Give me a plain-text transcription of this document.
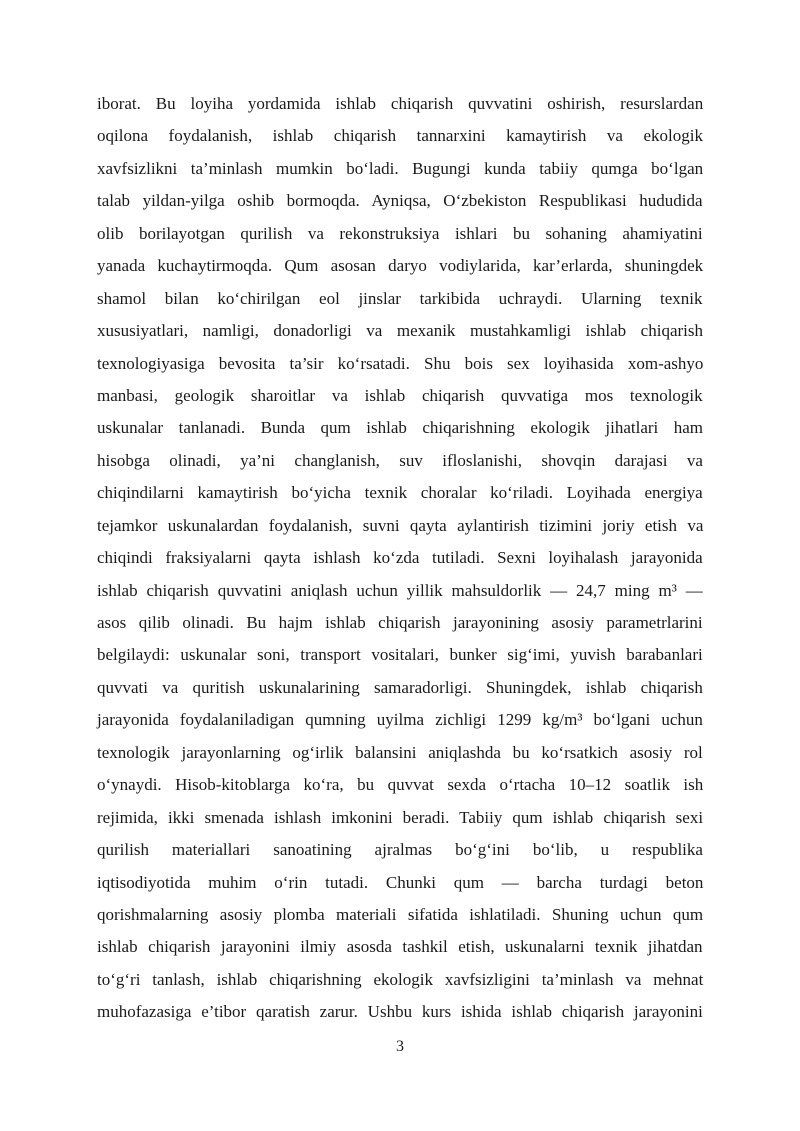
iborat. Bu loyiha yordamida ishlab chiqarish quvvatini oshirish, resurslardan
oqilona foydalanish, ishlab chiqarish tannarxini kamaytirish va ekologik
xavfsizlikni ta’minlash mumkin bo‘ladi. Bugungi kunda tabiiy qumga bo‘lgan
talab yildan-yilga oshib bormoqda. Ayniqsa, O‘zbekiston Respublikasi hududida
olib borilayotgan qurilish va rekonstruksiya ishlari bu sohaning ahamiyatini
yanada kuchaytirmoqda. Qum asosan daryo vodiylarida, kar’erlarda, shuningdek
shamol bilan ko‘chirilgan eol jinslar tarkibida uchraydi. Ularning texnik
xususiyatlari, namligi, donadorligi va mexanik mustahkamligi ishlab chiqarish
texnologiyasiga bevosita ta’sir ko‘rsatadi. Shu bois sex loyihasida xom-ashyo
manbasi, geologik sharoitlar va ishlab chiqarish quvvatiga mos texnologik
uskunalar tanlanadi. Bunda qum ishlab chiqarishning ekologik jihatlari ham
hisobga olinadi, ya’ni changlanish, suv ifloslanishi, shovqin darajasi va
chiqindilarni kamaytirish bo‘yicha texnik choralar ko‘riladi. Loyihada energiya
tejamkor uskunalardan foydalanish, suvni qayta aylantirish tizimini joriy etish va
chiqindi fraksiyalarni qayta ishlash ko‘zda tutiladi. Sexni loyihalash jarayonida
ishlab chiqarish quvvatini aniqlash uchun yillik mahsuldorlik — 24,7 ming m³ —
asos qilib olinadi. Bu hajm ishlab chiqarish jarayonining asosiy parametrlarini
belgilaydi: uskunalar soni, transport vositalari, bunker sig‘imi, yuvish barabanlari
quvvati va quritish uskunalarining samaradorligi. Shuningdek, ishlab chiqarish
jarayonida foydalaniladigan qumning uyilma zichligi 1299 kg/m³ bo‘lgani uchun
texnologik jarayonlarning og‘irlik balansini aniqlashda bu ko‘rsatkich asosiy rol
o‘ynaydi. Hisob-kitoblarga ko‘ra, bu quvvat sexda o‘rtacha 10–12 soatlik ish
rejimida, ikki smenada ishlash imkonini beradi. Tabiiy qum ishlab chiqarish sexi
qurilish materiallari sanoatining ajralmas bo‘g‘ini bo‘lib, u respublika
iqtisodiyotida muhim o‘rin tutadi. Chunki qum — barcha turdagi beton
qorishmalarning asosiy plomba materiali sifatida ishlatiladi. Shuning uchun qum
ishlab chiqarish jarayonini ilmiy asosda tashkil etish, uskunalarni texnik jihatdan
to‘g‘ri tanlash, ishlab chiqarishning ekologik xavfsizligini ta’minlash va mehnat
muhofazasiga e’tibor qaratish zarur. Ushbu kurs ishida ishlab chiqarish jarayonini
3
